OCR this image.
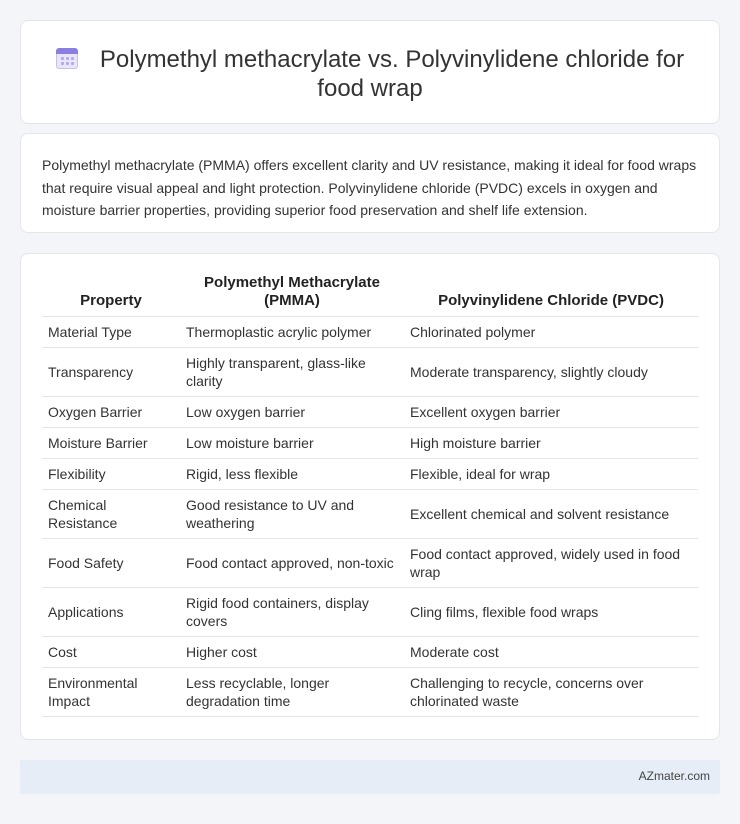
Polymethyl methacrylate vs. Polyvinylidene chloride for food wrap

Polymethyl methacrylate (PMMA) offers excellent clarity and UV resistance, making it ideal for food wraps that require visual appeal and light protection. Polyvinylidene chloride (PVDC) excels in oxygen and moisture barrier properties, providing superior food preservation and shelf life extension.

Property	Polymethyl Methacrylate (PMMA)	Polyvinylidene Chloride (PVDC)
Material Type	Thermoplastic acrylic polymer	Chlorinated polymer
Transparency	Highly transparent, glass-like clarity	Moderate transparency, slightly cloudy
Oxygen Barrier	Low oxygen barrier	Excellent oxygen barrier
Moisture Barrier	Low moisture barrier	High moisture barrier
Flexibility	Rigid, less flexible	Flexible, ideal for wrap
Chemical Resistance	Good resistance to UV and weathering	Excellent chemical and solvent resistance
Food Safety	Food contact approved, non-toxic	Food contact approved, widely used in food wrap
Applications	Rigid food containers, display covers	Cling films, flexible food wraps
Cost	Higher cost	Moderate cost
Environmental Impact	Less recyclable, longer degradation time	Challenging to recycle, concerns over chlorinated waste
AZmater.com
